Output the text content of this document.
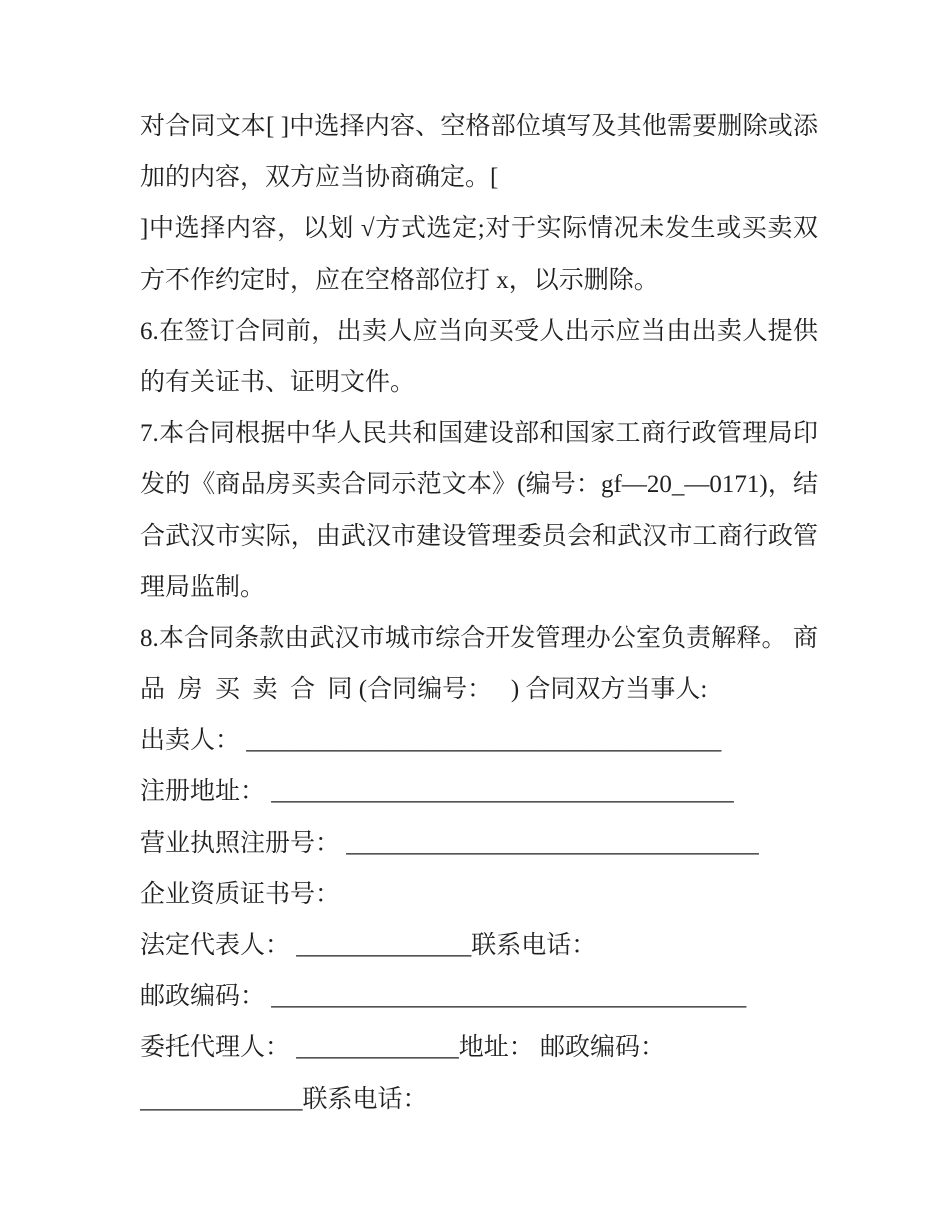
对合同文本[ ]中选择内容、空格部位填写及其他需要删除或添
加的内容，双方应当协商确定。[
]中选择内容，以划 √方式选定;对于实际情况未发生或买卖双
方不作约定时，应在空格部位打 x，以示删除。
6.在签订合同前，出卖人应当向买受人出示应当由出卖人提供
的有关证书、证明文件。
7.本合同根据中华人民共和国建设部和国家工商行政管理局印
发的《商品房买卖合同示范文本》(编号：gf—20_—0171)，结
合武汉市实际，由武汉市建设管理委员会和武汉市工商行政管
理局监制。
8.本合同条款由武汉市城市综合开发管理办公室负责解释。 商
品  房  买  卖  合  同 (合同编号：   ) 合同双方当事人:
出卖人： ______________________________________
注册地址： _____________________________________
营业执照注册号： _________________________________
企业资质证书号：
法定代表人： ______________联系电话：
邮政编码： ______________________________________
委托代理人： _____________地址： 邮政编码：
_____________联系电话：
